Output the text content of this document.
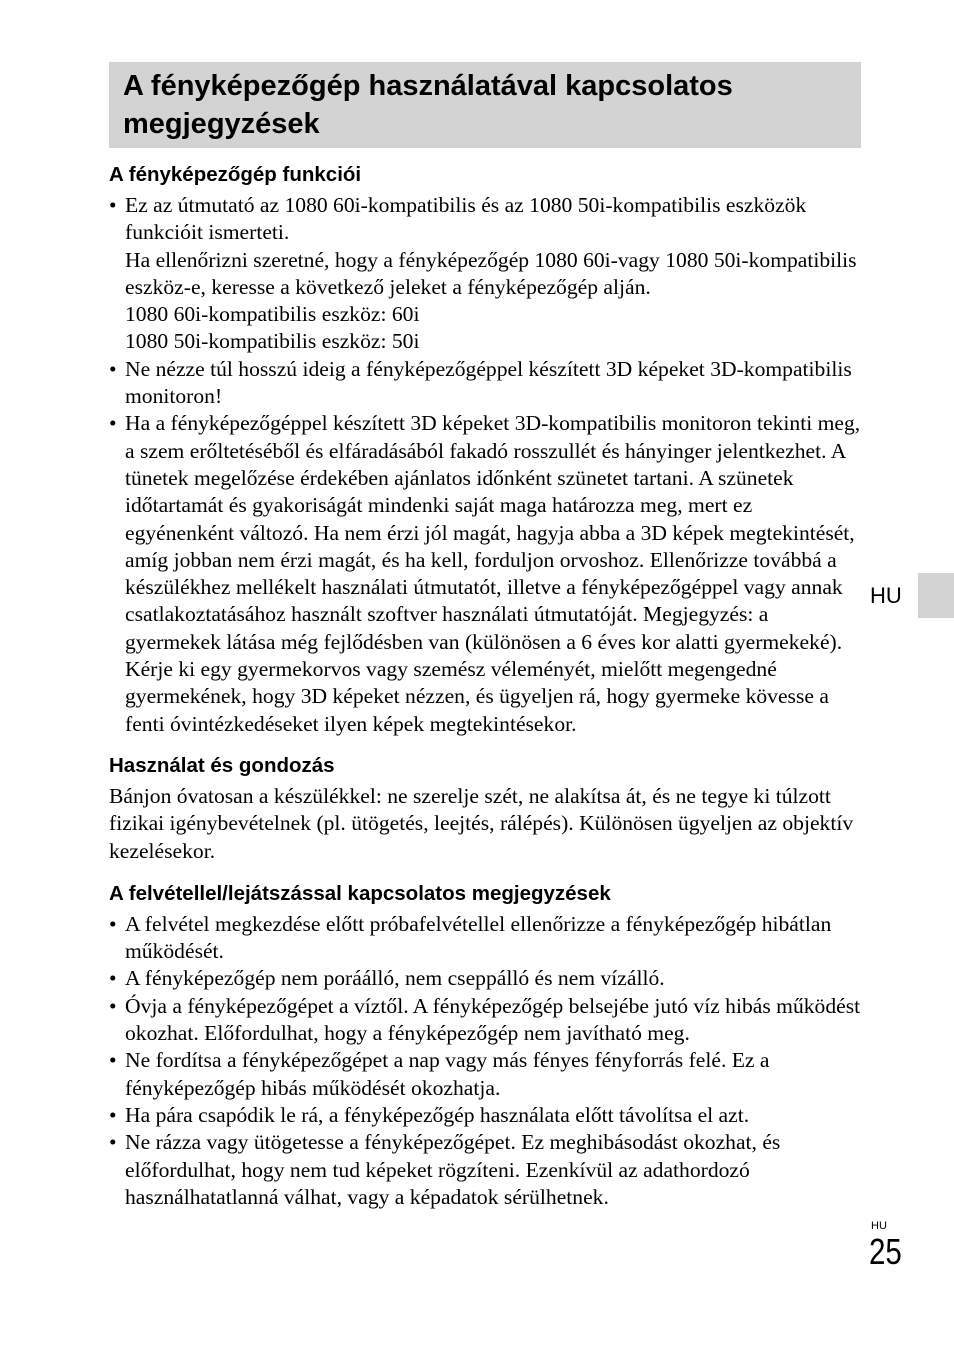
A fényképezőgép használatával kapcsolatos megjegyzések
A fényképezőgép funkciói

• Ez az útmutató az 1080 60i-kompatibilis és az 1080 50i-kompatibilis eszközök funkcióit ismerteti.

Ha ellenőrizni szeretné, hogy a fényképezőgép 1080 60i-vagy 1080 50i-kompatibilis eszköz-e, keresse a következő jeleket a fényképezőgép alján.

1080 60i-kompatibilis eszköz: 60i

1080 50i-kompatibilis eszköz: 50i

• Ne nézze túl hosszú ideig a fényképezőgéppel készített 3D képeket 3D-kompatibilis monitoron!

• Ha a fényképezőgéppel készített 3D képeket 3D-kompatibilis monitoron tekinti meg, a szem erőltetéséből és elfáradásából fakadó rosszullét és hányinger jelentkezhet. A tünetek megelőzése érdekében ajánlatos időnként szünetet tartani. A szünetek időtartamát és gyakoriságát mindenki saját maga határozza meg, mert ez egyénenként változó. Ha nem érzi jól magát, hagyja abba a 3D képek megtekintését, amíg jobban nem érzi magát, és ha kell, forduljon orvoshoz. Ellenőrizze továbbá a készülékhez mellékelt használati útmutatót, illetve a fényképezőgéppel vagy annak csatlakoztatásához használt szoftver használati útmutatóját. Megjegyzés: a gyermekek látása még fejlődésben van (különösen a 6 éves kor alatti gyermekeké).

Kérje ki egy gyermekorvos vagy szemész véleményét, mielőtt megengedné gyermekének, hogy 3D képeket nézzen, és ügyeljen rá, hogy gyermeke kövesse a fenti óvintézkedéseket ilyen képek megtekintésekor.

Használat és gondozás

Bánjon óvatosan a készülékkel: ne szerelje szét, ne alakítsa át, és ne tegye ki túlzott fizikai igénybevételnek (pl. ütögetés, leejtés, rálépés). Különösen ügyeljen az objektív kezelésekor.

A felvétellel/lejátszással kapcsolatos megjegyzések

• A felvétel megkezdése előtt próbafelvétellel ellenőrizze a fényképezőgép hibátlan működését.

• A fényképezőgép nem poráálló, nem cseppálló és nem vízálló.

• Óvja a fényképezőgépet a víztől. A fényképezőgép belsejébe jutó víz hibás működést okozhat. Előfordulhat, hogy a fényképezőgép nem javítható meg.

• Ne fordítsa a fényképezőgépet a nap vagy más fényes fényforrás felé. Ez a fényképezőgép hibás működését okozhatja.

• Ha pára csapódik le rá, a fényképezőgép használata előtt távolítsa el azt.

• Ne rázza vagy ütögetesse a fényképezőgépet. Ez meghibásodást okozhat, és előfordulhat, hogy nem tud képeket rögzíteni. Ezenkívül az adathordozó használhatatlanná válhat, vagy a képadatok sérülhetnek.

HU
HU
25
